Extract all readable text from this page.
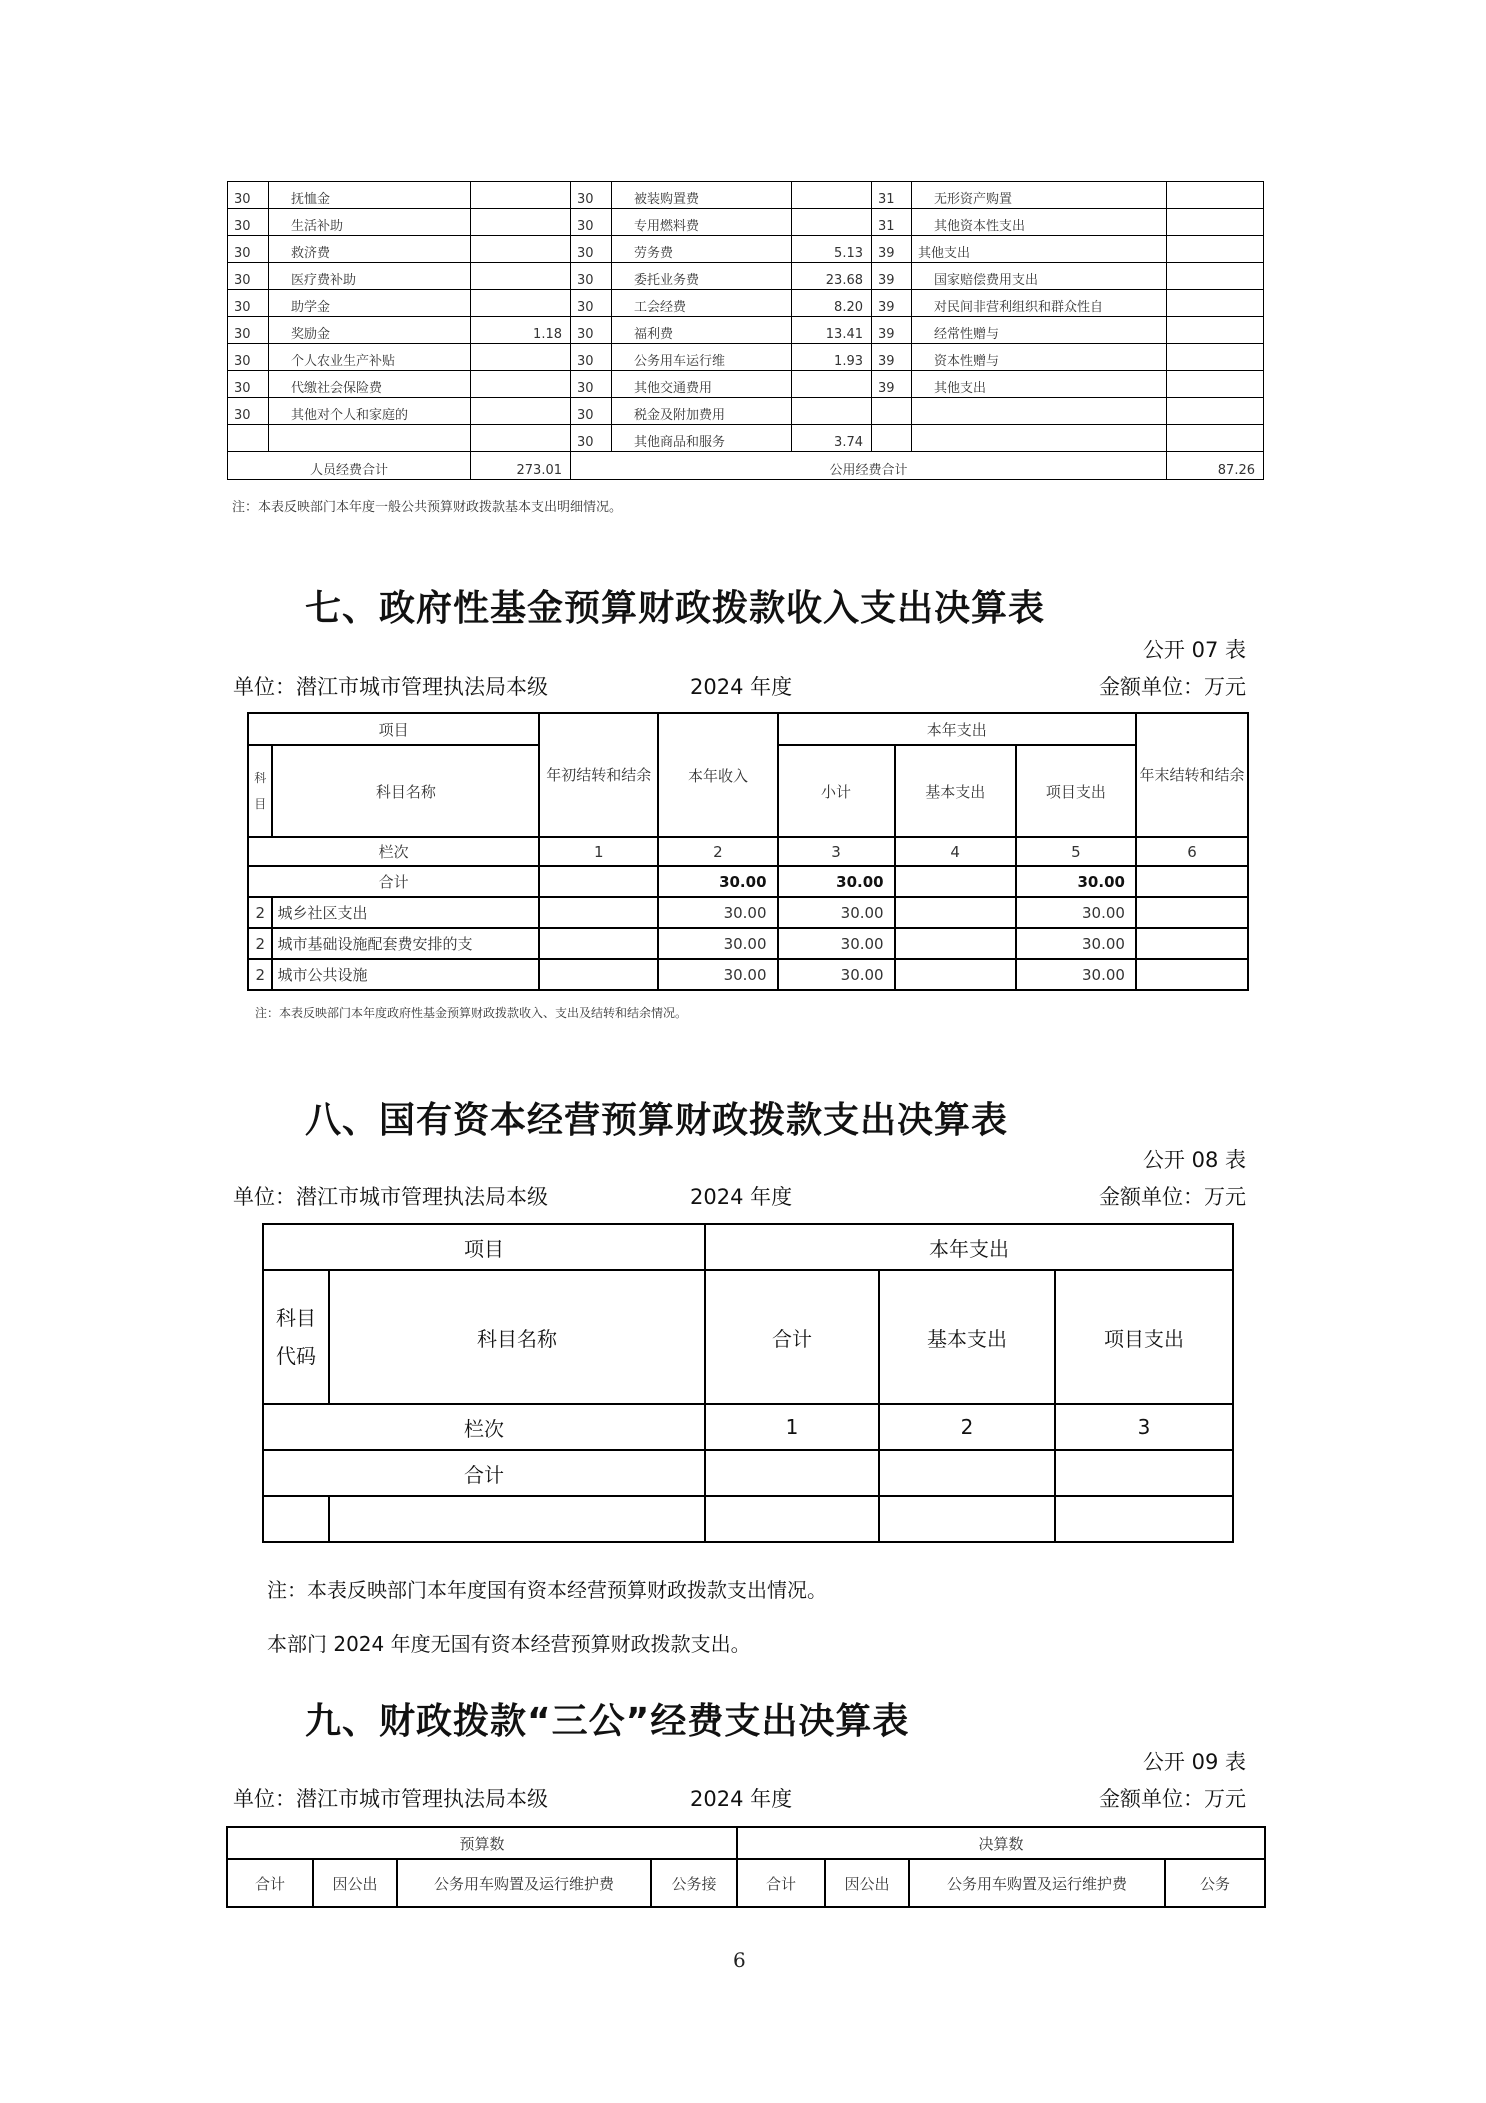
30	抚恤金		30	被装购置费		31	无形资产购置	
30	生活补助		30	专用燃料费		31	其他资本性支出	
30	救济费		30	劳务费	5.13	39	其他支出	
30	医疗费补助		30	委托业务费	23.68	39	国家赔偿费用支出	
30	助学金		30	工会经费	8.20	39	对民间非营利组织和群众性自	
30	奖励金	1.18	30	福利费	13.41	39	经常性赠与	
30	个人农业生产补贴		30	公务用车运行维	1.93	39	资本性赠与	
30	代缴社会保险费		30	其他交通费用		39	其他支出	
30	其他对个人和家庭的		30	税金及附加费用				
			30	其他商品和服务	3.74			
人员经费合计		273.01	公用经费合计					87.26
注：本表反映部门本年度一般公共预算财政拨款基本支出明细情况。
七、政府性基金预算财政拨款收入支出决算表
公开 07 表
单位：潜江市城市管理执法局本级	2024 年度	金额单位：万元
项目		年初结转和结余	本年收入	本年支出			年末结转和结余
科目	科目名称			小计	基本支出	项目支出	
栏次		1	2	3	4	5	6
合计			30.00	30.00		30.00	
2	城乡社区支出		30.00	30.00		30.00	
2	城市基础设施配套费安排的支		30.00	30.00		30.00	
2	城市公共设施		30.00	30.00		30.00	
注：本表反映部门本年度政府性基金预算财政拨款收入、支出及结转和结余情况。
八、国有资本经营预算财政拨款支出决算表
公开 08 表
单位：潜江市城市管理执法局本级	2024 年度	金额单位：万元
项目		本年支出		
科目
代码	科目名称	合计	基本支出	项目支出
栏次		1	2	3
合计				

注：本表反映部门本年度国有资本经营预算财政拨款支出情况。
本部门 2024 年度无国有资本经营预算财政拨款支出。
九、财政拨款“三公”经费支出决算表
公开 09 表
单位：潜江市城市管理执法局本级	2024 年度	金额单位：万元
预算数				决算数			
合计	因公出	公务用车购置及运行维护费	公务接	合计	因公出	公务用车购置及运行维护费	公务
6
